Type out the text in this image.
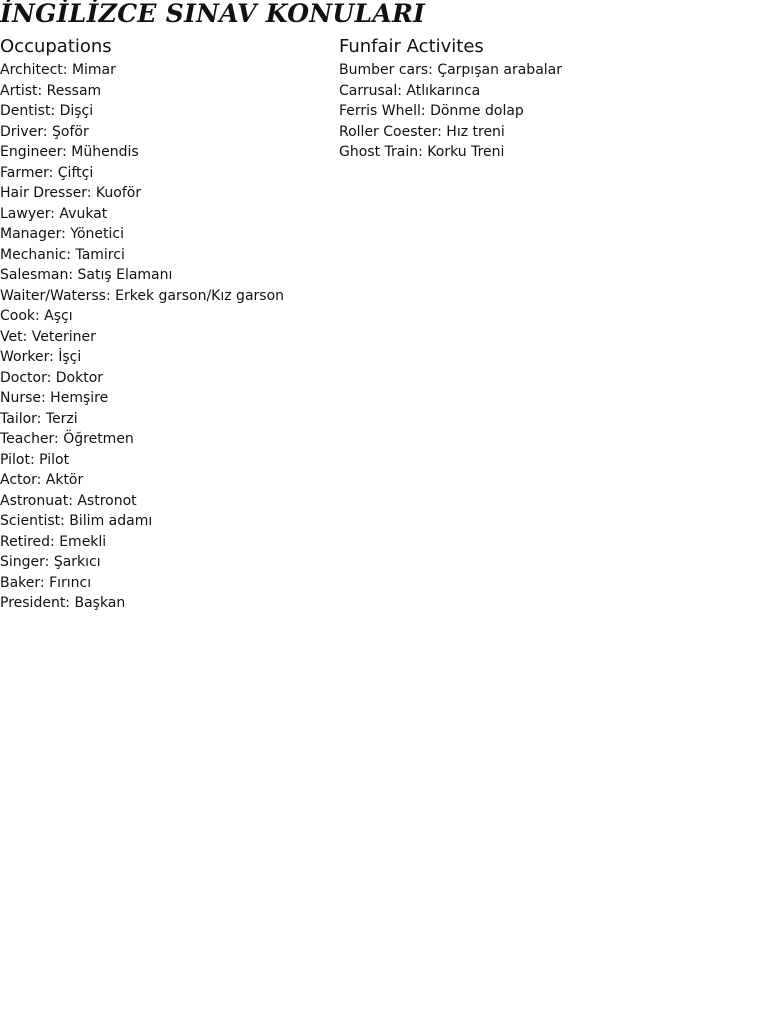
İNGİLİZCE SINAV KONULARI
Occupations
Architect: Mimar
Artist: Ressam
Dentist: Dişçi
Driver: Şoför
Engineer: Mühendis
Farmer: Çiftçi
Hair Dresser: Kuoför
Lawyer: Avukat
Manager: Yönetici
Mechanic: Tamirci
Salesman: Satış Elamanı
Waiter/Waterss: Erkek garson/Kız garson
Cook: Aşçı
Vet: Veteriner
Worker: İşçi
Doctor: Doktor
Nurse: Hemşire
Tailor: Terzi
Teacher: Öğretmen
Pilot: Pilot
Actor: Aktör
Astronuat: Astronot
Scientist: Bilim adamı
Retired: Emekli
Singer: Şarkıcı
Baker: Fırıncı
President: Başkan
Funfair Activites
Bumber cars: Çarpışan arabalar
Carrusal: Atlıkarınca
Ferris Whell: Dönme dolap
Roller Coester: Hız treni
Ghost Train: Korku Treni
